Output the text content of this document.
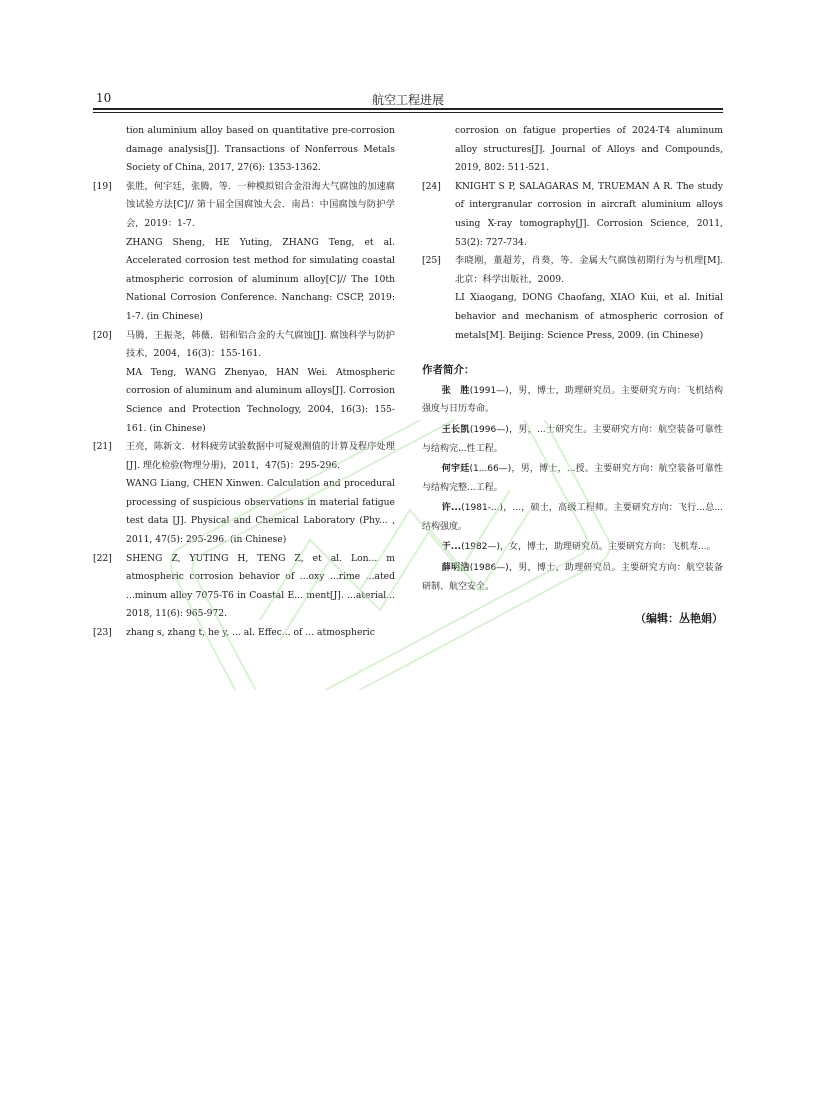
10	航空工程进展
tion aluminium alloy based on quantitative pre-corrosion damage analysis[J]. Transactions of Nonferrous Metals Society of China, 2017, 27(6): 1353-1362.
[19] 张胜，何宇廷，张腾，等．一种模拟铝合金沿海大气腐蚀的加速腐蚀试验方法[C]// 第十届全国腐蚀大会．南昌：中国腐蚀与防护学会，2019：1-7.
ZHANG Sheng, HE Yuting, ZHANG Teng, et al. Accelerated corrosion test method for simulating coastal atmospheric corrosion of aluminum alloy[C]// The 10th National Corrosion Conference. Nanchang: CSCP, 2019: 1-7. (in Chinese)
[20] 马腾，王振尧，韩薇．铝和铝合金的大气腐蚀[J]. 腐蚀科学与防护技术，2004，16(3)：155-161.
MA Teng, WANG Zhenyao, HAN Wei. Atmospheric corrosion of aluminum and aluminum alloys[J]. Corrosion Science and Protection Technology, 2004, 16(3): 155-161. (in Chinese)
[21] 王亮，陈新文．材料疲劳试验数据中可疑观测值的计算及程序处理[J]. 理化检验(物理分册)，2011，47(5)：295-296.
WANG Liang, CHEN Xinwen. Calculation and procedural processing of suspicious observations in material fatigue test data [J]. Physical and Chemical Laboratory (Phy... , 2011, 47(5): 295-296. (in Chinese)
[22] SHENG Z, YUTING H, TENG Z, et al. Lon... m atmospheric corrosion behavior of ...oxy ...rime ...ated ...minum alloy 7075-T6 in Coastal E... ment[J]. ...aterial... 2018, 11(6): 965-972.
[23] zhang s, zhang t, he y, ... al. Effec... of ... atmospheric
corrosion on fatigue properties of 2024-T4 aluminum alloy structures[J]. Journal of Alloys and Compounds, 2019, 802: 511-521.
[24] KNIGHT S P, SALAGARAS M, TRUEMAN A R. The study of intergranular corrosion in aircraft aluminium alloys using X-ray tomography[J]. Corrosion Science, 2011, 53(2): 727-734.
[25] 李晓刚，董超芳，肖葵，等．金属大气腐蚀初期行为与机理[M]. 北京：科学出版社，2009.
LI Xiaogang, DONG Chaofang, XIAO Kui, et al. Initial behavior and mechanism of atmospheric corrosion of metals[M]. Beijing: Science Press, 2009. (in Chinese)
作者简介：
张　胜(1991—)，男，博士，助理研究员。主要研究方向：飞机结构强度与日历寿命。
王长凯(1996—)，男，...士研究生。主要研究方向：航空装备可靠性与结构完...性工程。
何宇廷(1...66—)，男，博士，...授。主要研究方向：航空装备可靠性与结构完整...工程。
许...(1981-...)，...，硕士，高级工程师。主要研究方向：飞行...总...结构强度。
于...(1982—)，女，博士，助理研究员。主要研究方向：飞机寿...。
薛明浩(1986—)，男，博士，助理研究员。主要研究方向：航空装备研制、航空安全。
（编辑：丛艳娟）
